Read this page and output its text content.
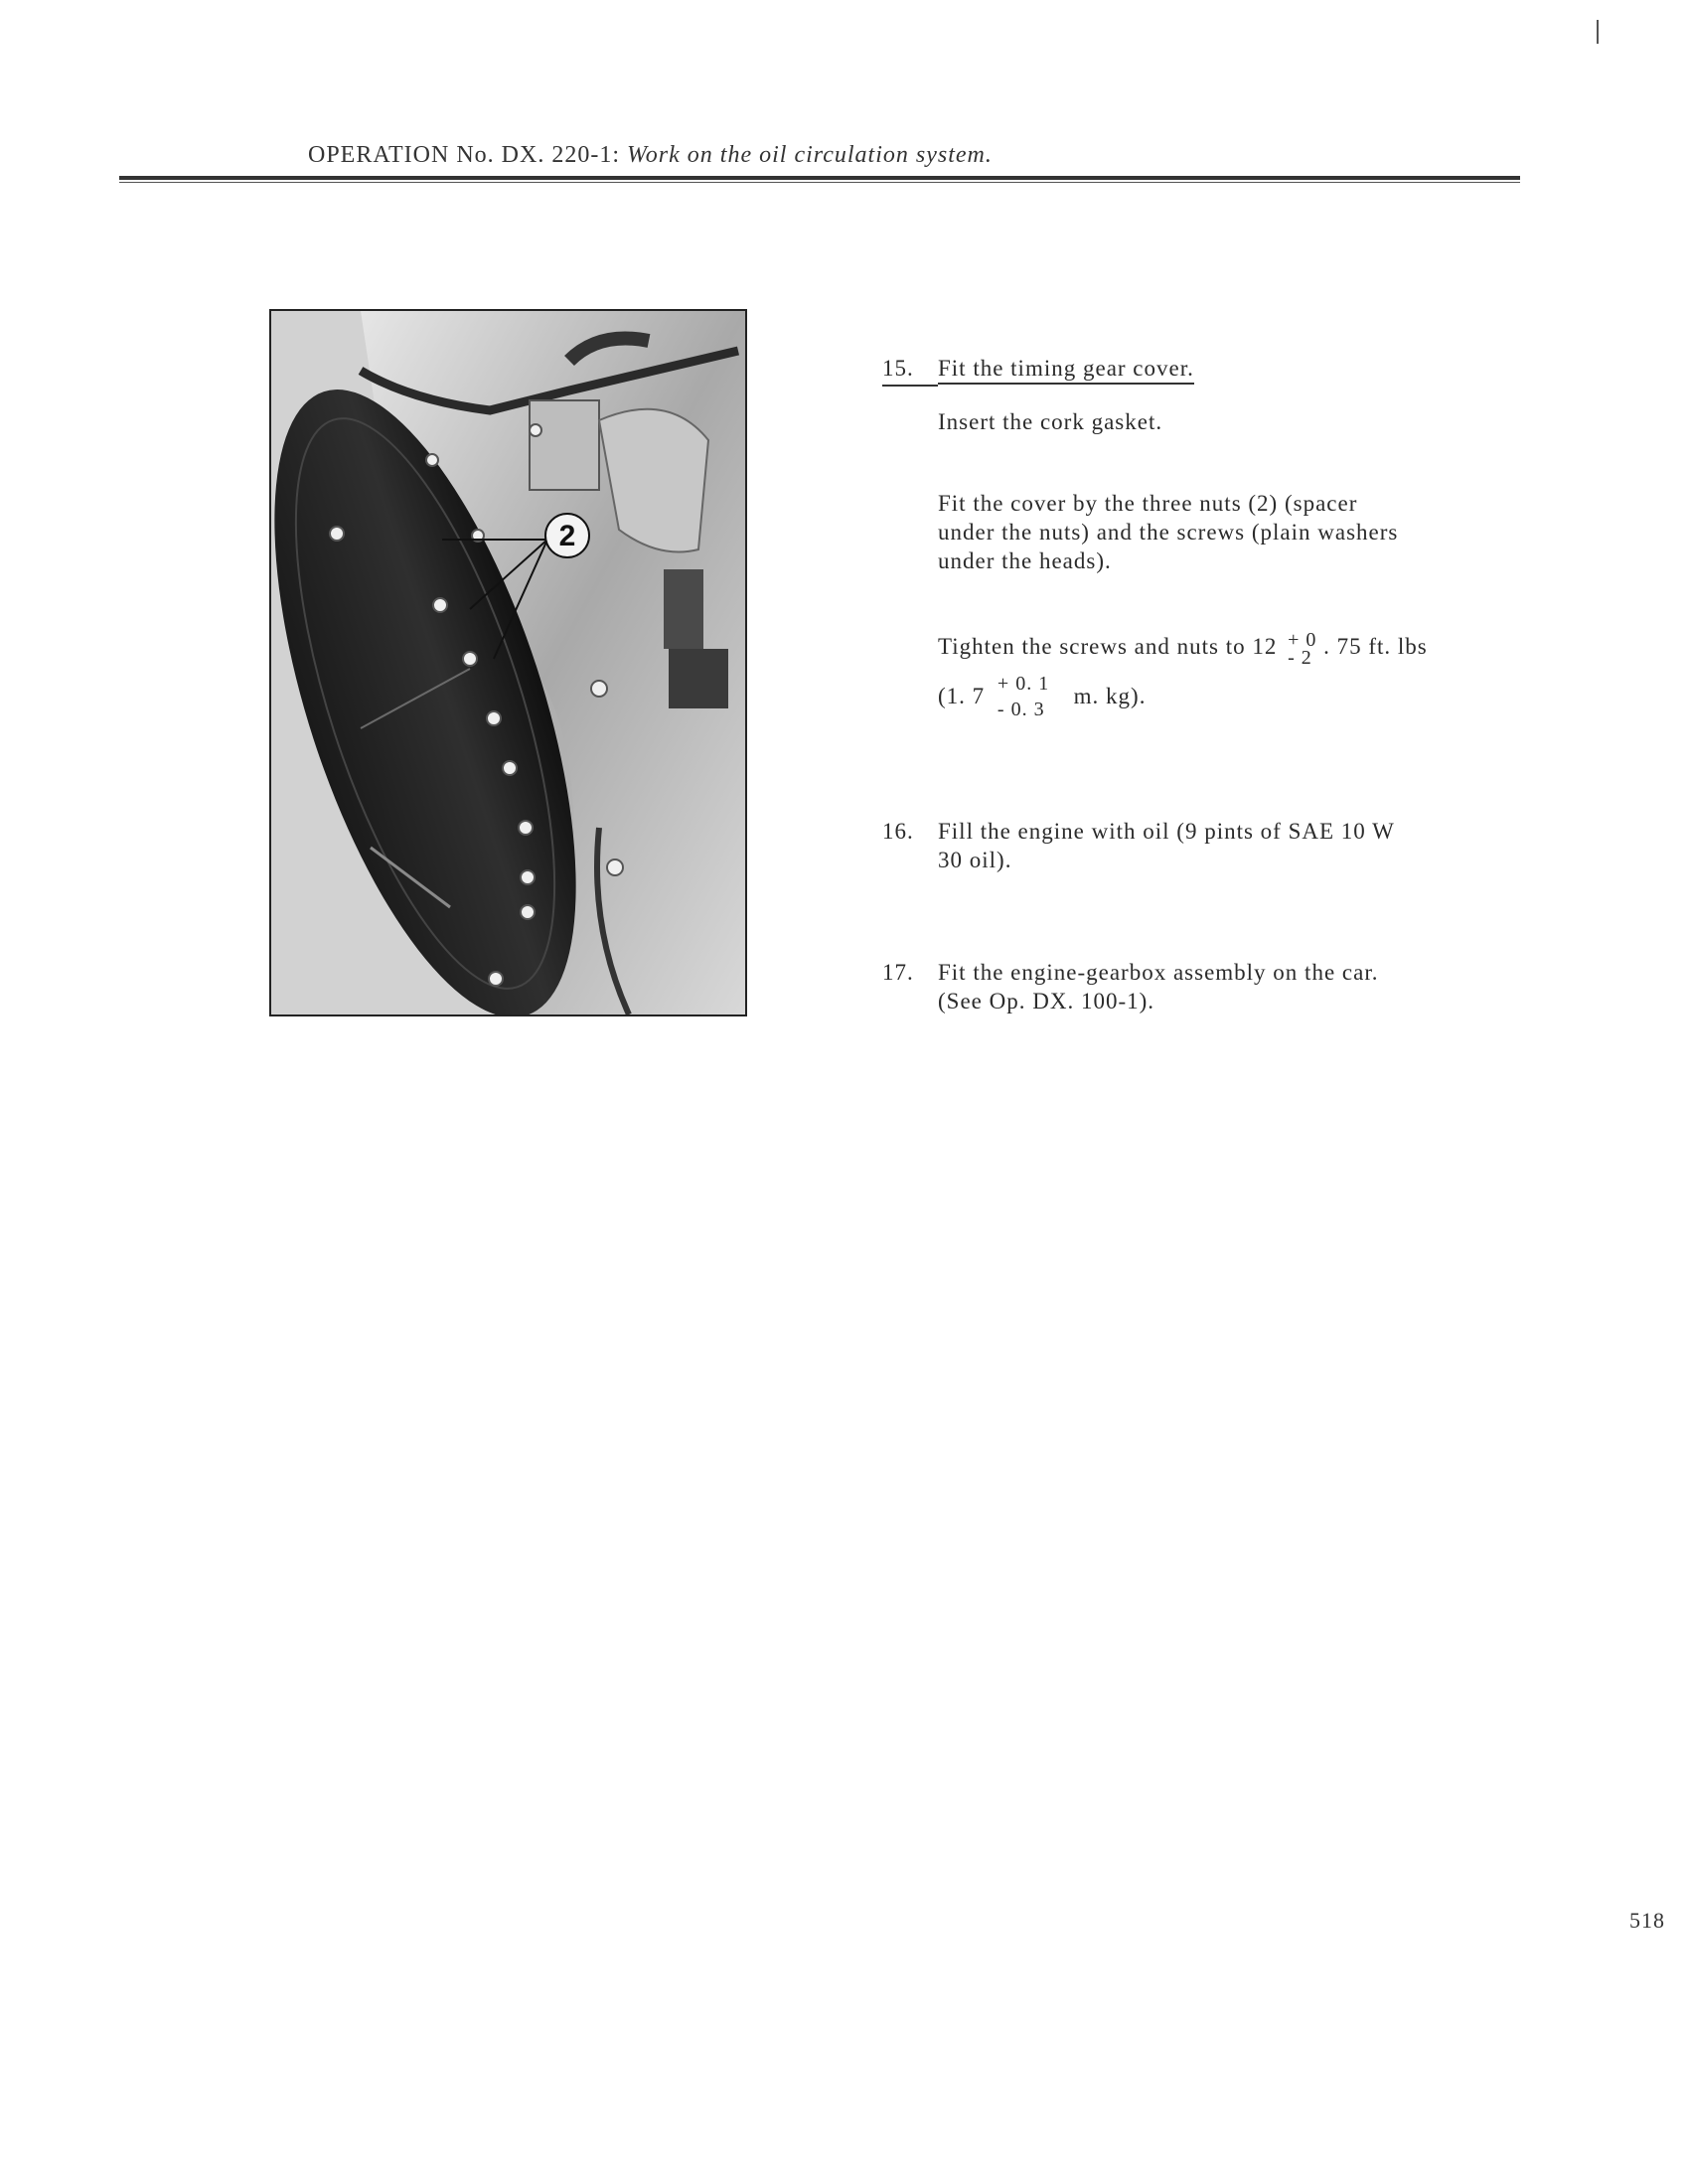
OPERATION No. DX. 220-1: Work on the oil circulation system.
2
15. Fit the timing gear cover.
Insert the cork gasket.
Fit the cover by the three nuts (2) (spacer
under the nuts) and the screws (plain washers
under the heads).
Tighten the screws and nuts to 12 + 0
- 2 . 75 ft. lbs
(1. 7 + 0. 1
- 0. 3
m. kg).
16. Fill the engine with oil (9 pints of SAE 10 W
30 oil).
17. Fit the engine-gearbox assembly on the car.
(See Op. DX. 100-1).
518
